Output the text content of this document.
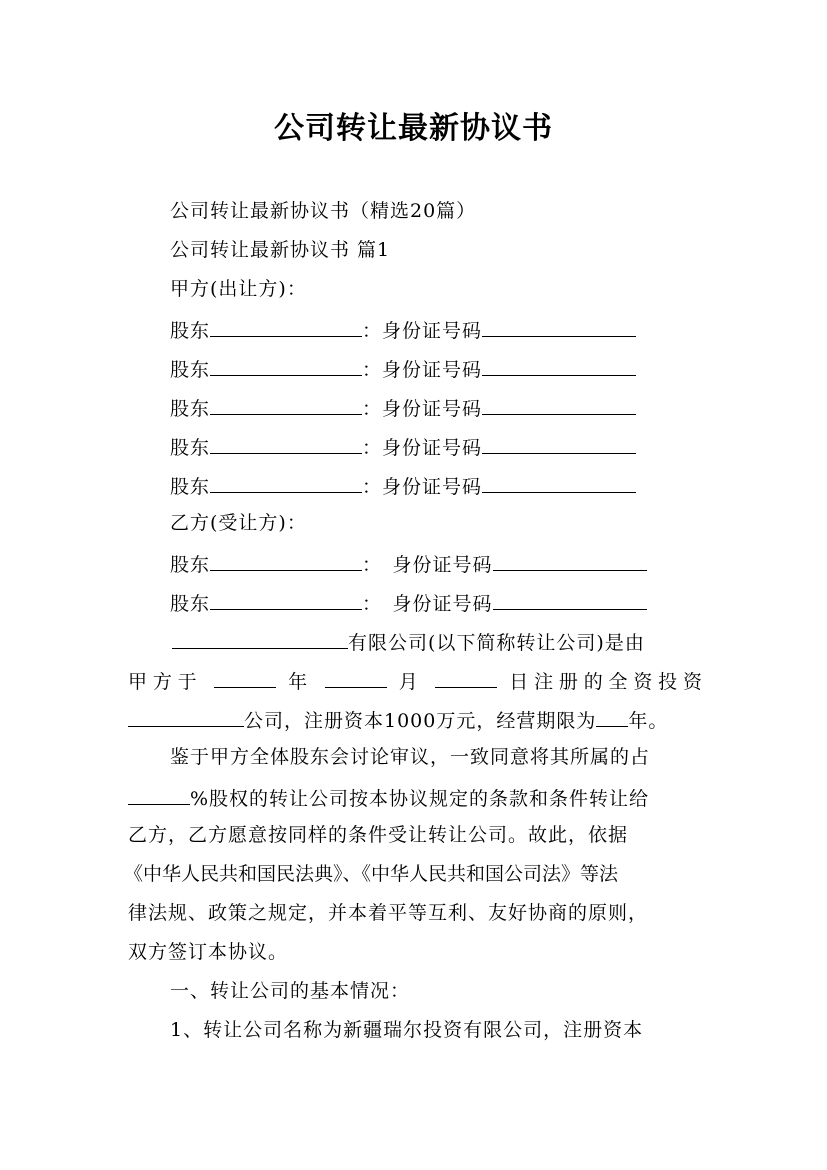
公司转让最新协议书
公司转让最新协议书（精选20篇）
公司转让最新协议书 篇1
甲方(出让方)：
股东	：身份证号码
股东	：身份证号码
股东	：身份证号码
股东	：身份证号码
股东	：身份证号码
乙方(受让方)：
股东	：　身份证号码
股东	：　身份证号码
有限公司(以下简称转让公司)是由
甲方于	年	月	日注册的全资投资
公司，注册资本1000万元，经营期限为 年。
鉴于甲方全体股东会讨论审议，一致同意将其所属的占
%股权的转让公司按本协议规定的条款和条件转让给
乙方，乙方愿意按同样的条件受让转让公司。故此，依据
《中华人民共和国民法典》、《中华人民共和国公司法》等法
律法规、政策之规定，并本着平等互利、友好协商的原则，
双方签订本协议。
一、转让公司的基本情况：
1、转让公司名称为新疆瑞尔投资有限公司，注册资本
